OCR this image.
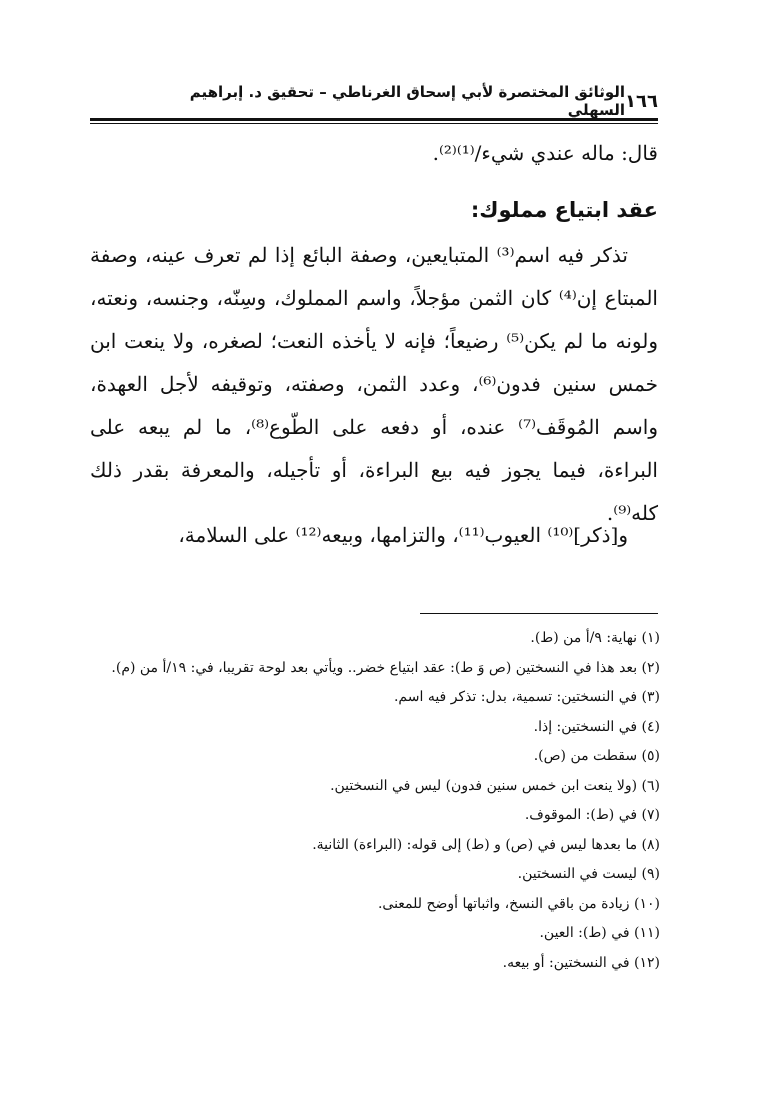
١٦٦
الوثائق المختصرة لأبي إسحاق الغرناطي – تحقيق د. إبراهيم السهلي

قال: ماله عندي شيء/⁽¹⁾⁽²⁾.

عقد ابتياع مملوك:

تذكر فيه اسم⁽³⁾ المتبايعين، وصفة البائع إذا لم تعرف عينه، وصفة المبتاع إن⁽⁴⁾ كان الثمن مؤجلاً، واسم المملوك، وسِنّه، وجنسه، ونعته، ولونه ما لم يكن⁽⁵⁾ رضيعاً؛ فإنه لا يأخذه النعت؛ لصغره، ولا ينعت ابن خمس سنين فدون⁽⁶⁾، وعدد الثمن، وصفته، وتوقيفه لأجل العهدة، واسم المُوقَف⁽⁷⁾ عنده، أو دفعه على الطّوع⁽⁸⁾، ما لم يبعه على البراءة، فيما يجوز فيه بيع البراءة، أو تأجيله، والمعرفة بقدر ذلك كله⁽⁹⁾.

و[ذكر]⁽¹⁰⁾ العيوب⁽¹¹⁾، والتزامها، وبيعه⁽¹²⁾ على السلامة،

(١) نهاية: ٩/أ من (ط).
(٢) بعد هذا في النسختين (ص وَ ط): عقد ابتياع خضر.. ويأتي بعد لوحة تقريبا، في: ١٩/أ من (م).
(٣) في النسختين: تسمية، بدل: تذكر فيه اسم.
(٤) في النسختين: إذا.
(٥) سقطت من (ص).
(٦) (ولا ينعت ابن خمس سنين فدون) ليس في النسختين.
(٧) في (ط): الموقوف.
(٨) ما بعدها ليس في (ص) و (ط) إلى قوله: (البراءة) الثانية.
(٩) ليست في النسختين.
(١٠) زيادة من باقي النسخ، واثباتها أوضح للمعنى.
(١١) في (ط): العين.
(١٢) في النسختين: أو بيعه.
